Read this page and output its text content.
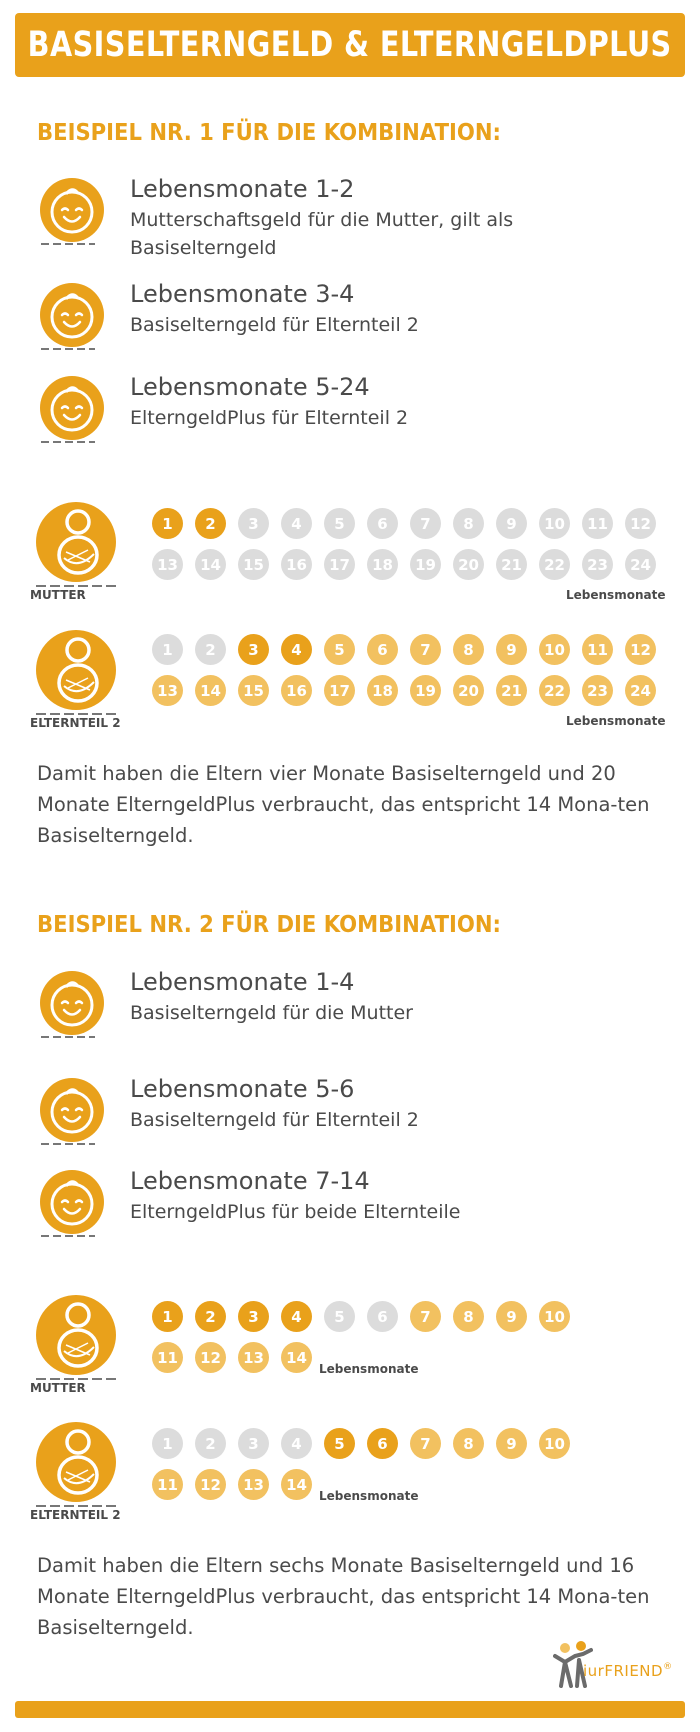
BASISELTERNGELD & ELTERNGELDPLUS
BEISPIEL NR. 1 FÜR DIE KOMBINATION:
Lebensmonate 1-2
Mutterschaftsgeld für die Mutter, gilt als Basiselterngeld
Lebensmonate 3-4
Basiselterngeld für Elternteil 2
Lebensmonate 5-24
ElterngeldPlus für Elternteil 2
MUTTER
1	2	3	4	5	6	7	8	9	10	11	12
13	14	15	16	17	18	19	20	21	22	23	24
Lebensmonate
ELTERNTEIL 2
1	2	3	4	5	6	7	8	9	10	11	12
13	14	15	16	17	18	19	20	21	22	23	24
Lebensmonate
Damit haben die Eltern vier Monate Basiselterngeld und 20 Monate ElterngeldPlus verbraucht, das entspricht 14 Mona-ten Basiselterngeld.
BEISPIEL NR. 2 FÜR DIE KOMBINATION:
Lebensmonate 1-4
Basiselterngeld für die Mutter
Lebensmonate 5-6
Basiselterngeld für Elternteil 2
Lebensmonate 7-14
ElterngeldPlus für beide Elternteile
MUTTER
1	2	3	4	5	6	7	8	9	10
11	12	13	14
Lebensmonate
ELTERNTEIL 2
1	2	3	4	5	6	7	8	9	10
11	12	13	14
Lebensmonate
Damit haben die Eltern sechs Monate Basiselterngeld und 16 Monate ElterngeldPlus verbraucht, das entspricht 14 Mona-ten Basiselterngeld.
iurFRIEND®
